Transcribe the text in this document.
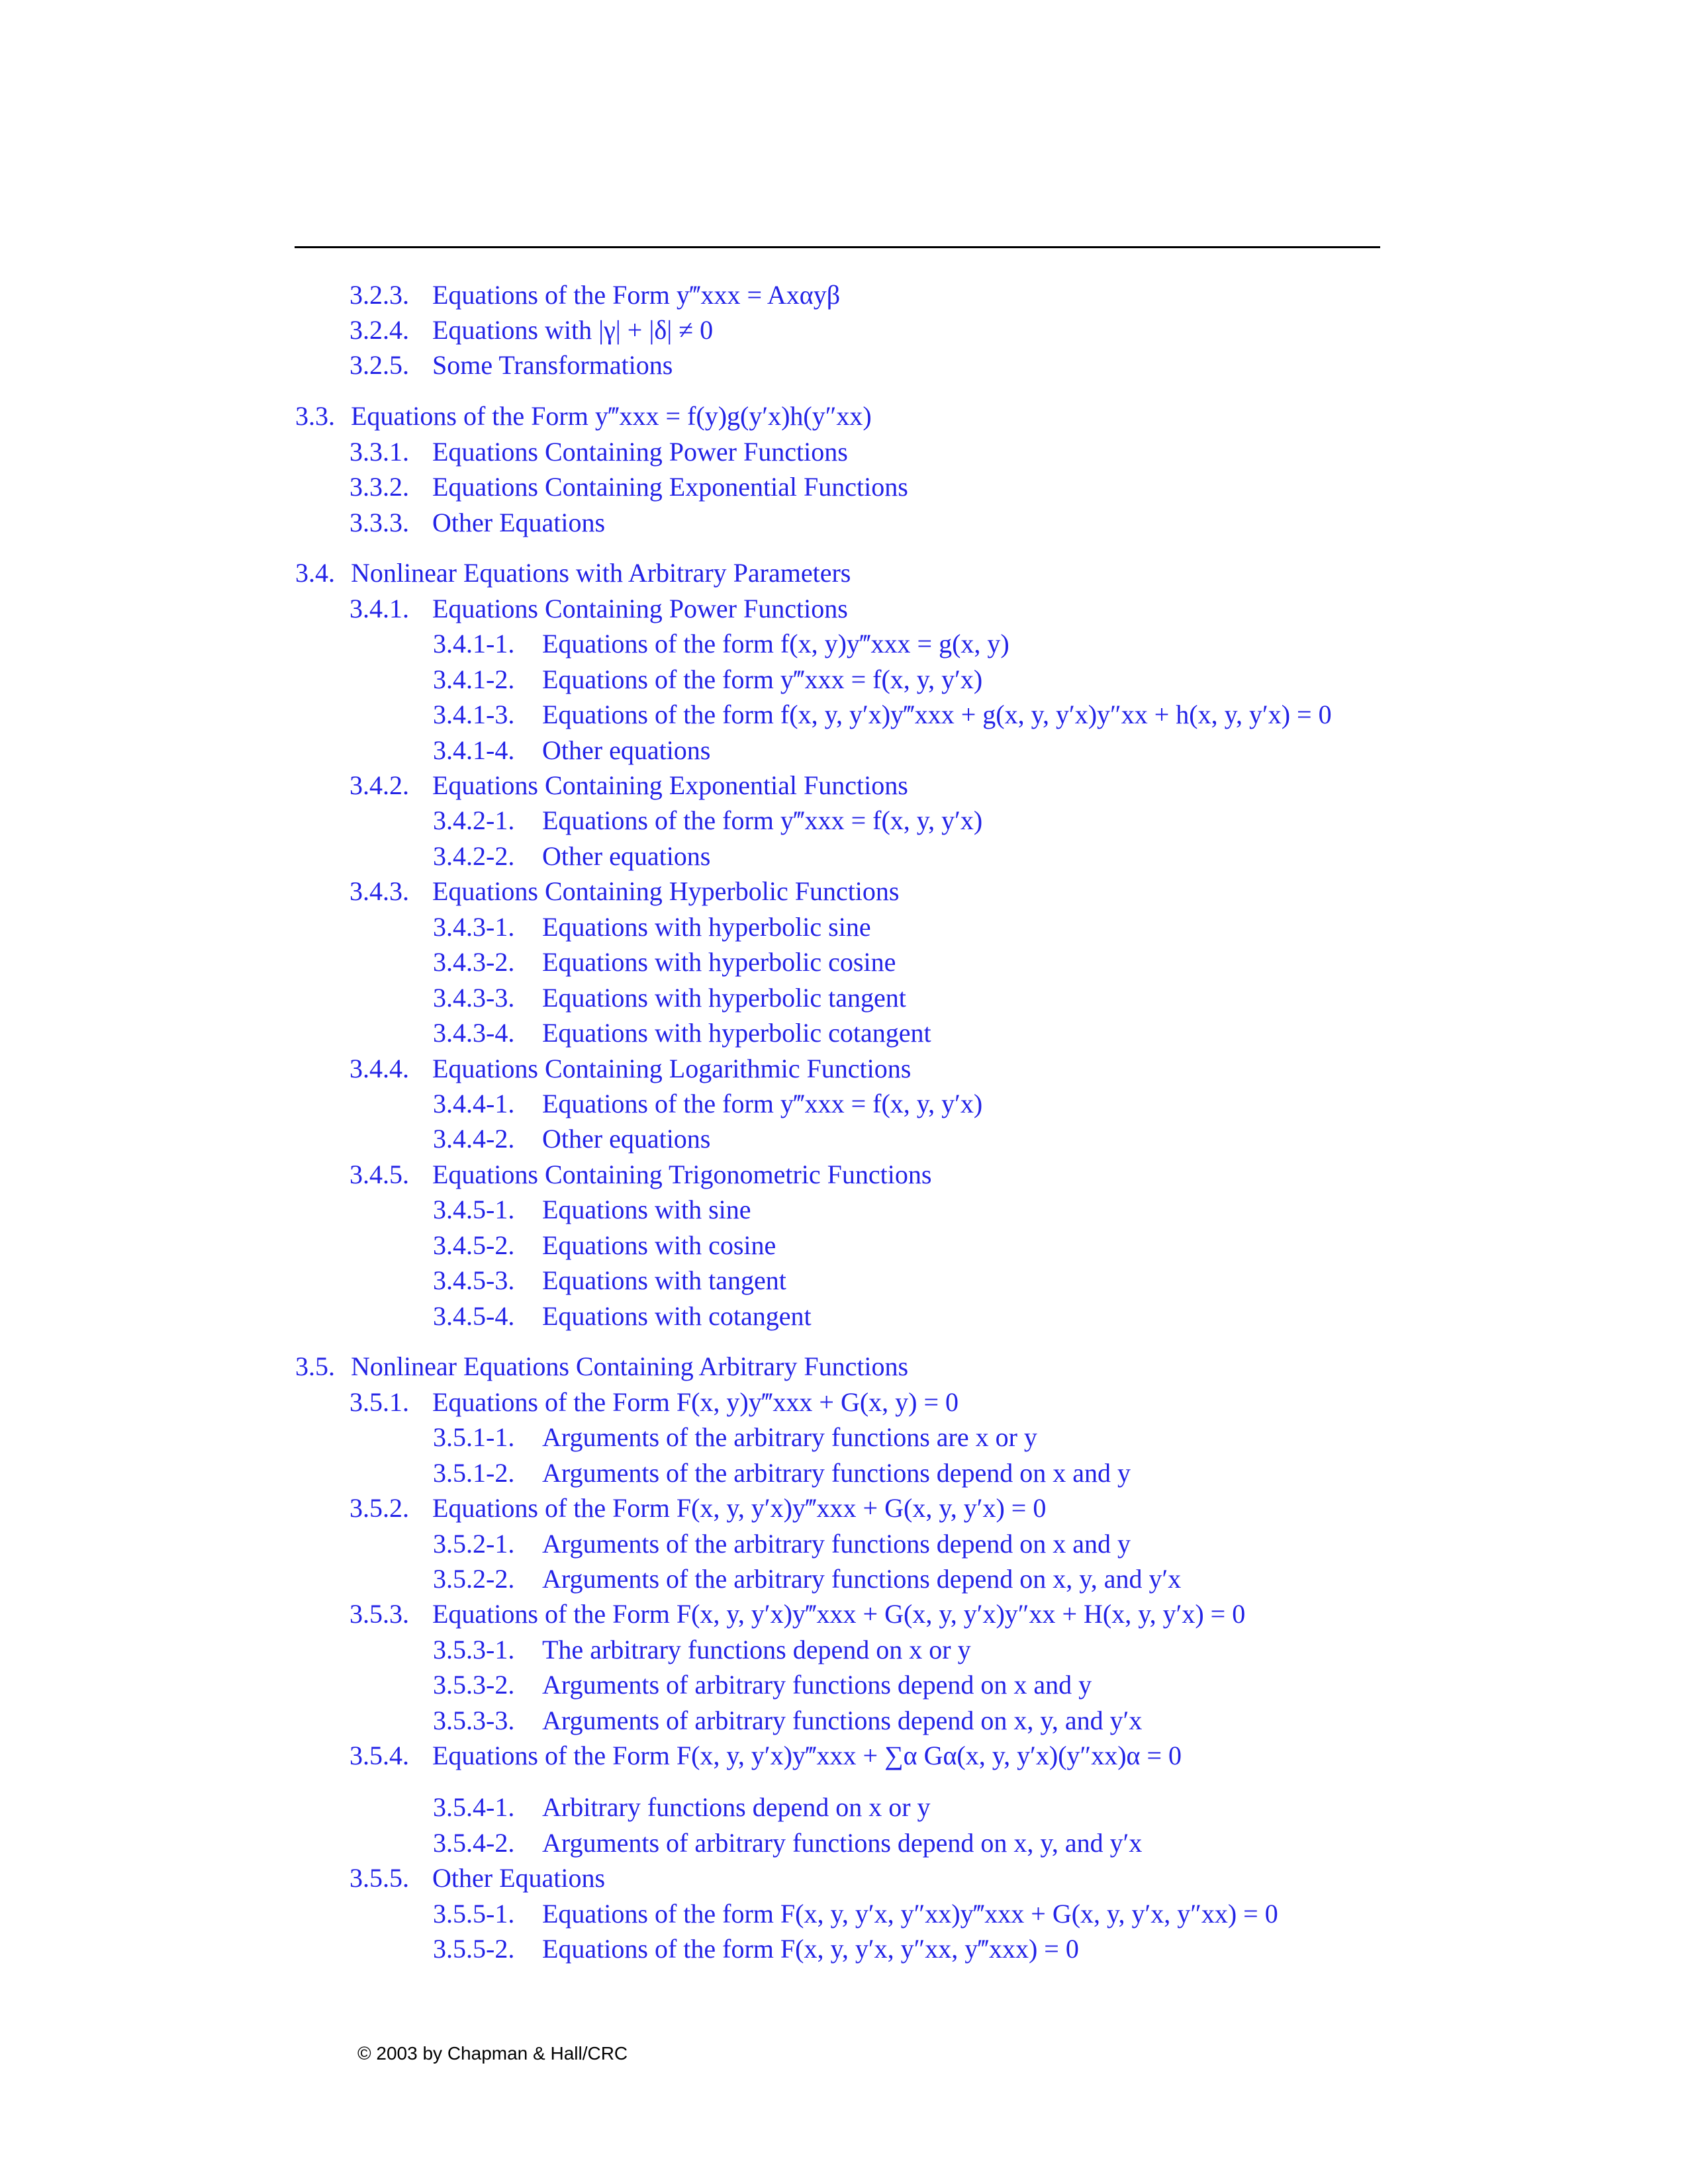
3.2.3. Equations of the Form y‴xxx = Axαyβ
3.2.4. Equations with |γ| + |δ| ≠ 0
3.2.5. Some Transformations
3.3. Equations of the Form y‴xxx = f(y)g(y′x)h(y″xx)
3.3.1. Equations Containing Power Functions
3.3.2. Equations Containing Exponential Functions
3.3.3. Other Equations
3.4. Nonlinear Equations with Arbitrary Parameters
3.4.1. Equations Containing Power Functions
3.4.1-1. Equations of the form f(x, y)y‴xxx = g(x, y)
3.4.1-2. Equations of the form y‴xxx = f(x, y, y′x)
3.4.1-3. Equations of the form f(x, y, y′x)y‴xxx + g(x, y, y′x)y″xx + h(x, y, y′x) = 0
3.4.1-4. Other equations
3.4.2. Equations Containing Exponential Functions
3.4.2-1. Equations of the form y‴xxx = f(x, y, y′x)
3.4.2-2. Other equations
3.4.3. Equations Containing Hyperbolic Functions
3.4.3-1. Equations with hyperbolic sine
3.4.3-2. Equations with hyperbolic cosine
3.4.3-3. Equations with hyperbolic tangent
3.4.3-4. Equations with hyperbolic cotangent
3.4.4. Equations Containing Logarithmic Functions
3.4.4-1. Equations of the form y‴xxx = f(x, y, y′x)
3.4.4-2. Other equations
3.4.5. Equations Containing Trigonometric Functions
3.4.5-1. Equations with sine
3.4.5-2. Equations with cosine
3.4.5-3. Equations with tangent
3.4.5-4. Equations with cotangent
3.5. Nonlinear Equations Containing Arbitrary Functions
3.5.1. Equations of the Form F(x, y)y‴xxx + G(x, y) = 0
3.5.1-1. Arguments of the arbitrary functions are x or y
3.5.1-2. Arguments of the arbitrary functions depend on x and y
3.5.2. Equations of the Form F(x, y, y′x)y‴xxx + G(x, y, y′x) = 0
3.5.2-1. Arguments of the arbitrary functions depend on x and y
3.5.2-2. Arguments of the arbitrary functions depend on x, y, and y′x
3.5.3. Equations of the Form F(x, y, y′x)y‴xxx + G(x, y, y′x)y″xx + H(x, y, y′x) = 0
3.5.3-1. The arbitrary functions depend on x or y
3.5.3-2. Arguments of arbitrary functions depend on x and y
3.5.3-3. Arguments of arbitrary functions depend on x, y, and y′x
3.5.4. Equations of the Form F(x, y, y′x)y‴xxx + ∑α Gα(x, y, y′x)(y″xx)α = 0
3.5.4-1. Arbitrary functions depend on x or y
3.5.4-2. Arguments of arbitrary functions depend on x, y, and y′x
3.5.5. Other Equations
3.5.5-1. Equations of the form F(x, y, y′x, y″xx)y‴xxx + G(x, y, y′x, y″xx) = 0
3.5.5-2. Equations of the form F(x, y, y′x, y″xx, y‴xxx) = 0
© 2003 by Chapman & Hall/CRC
